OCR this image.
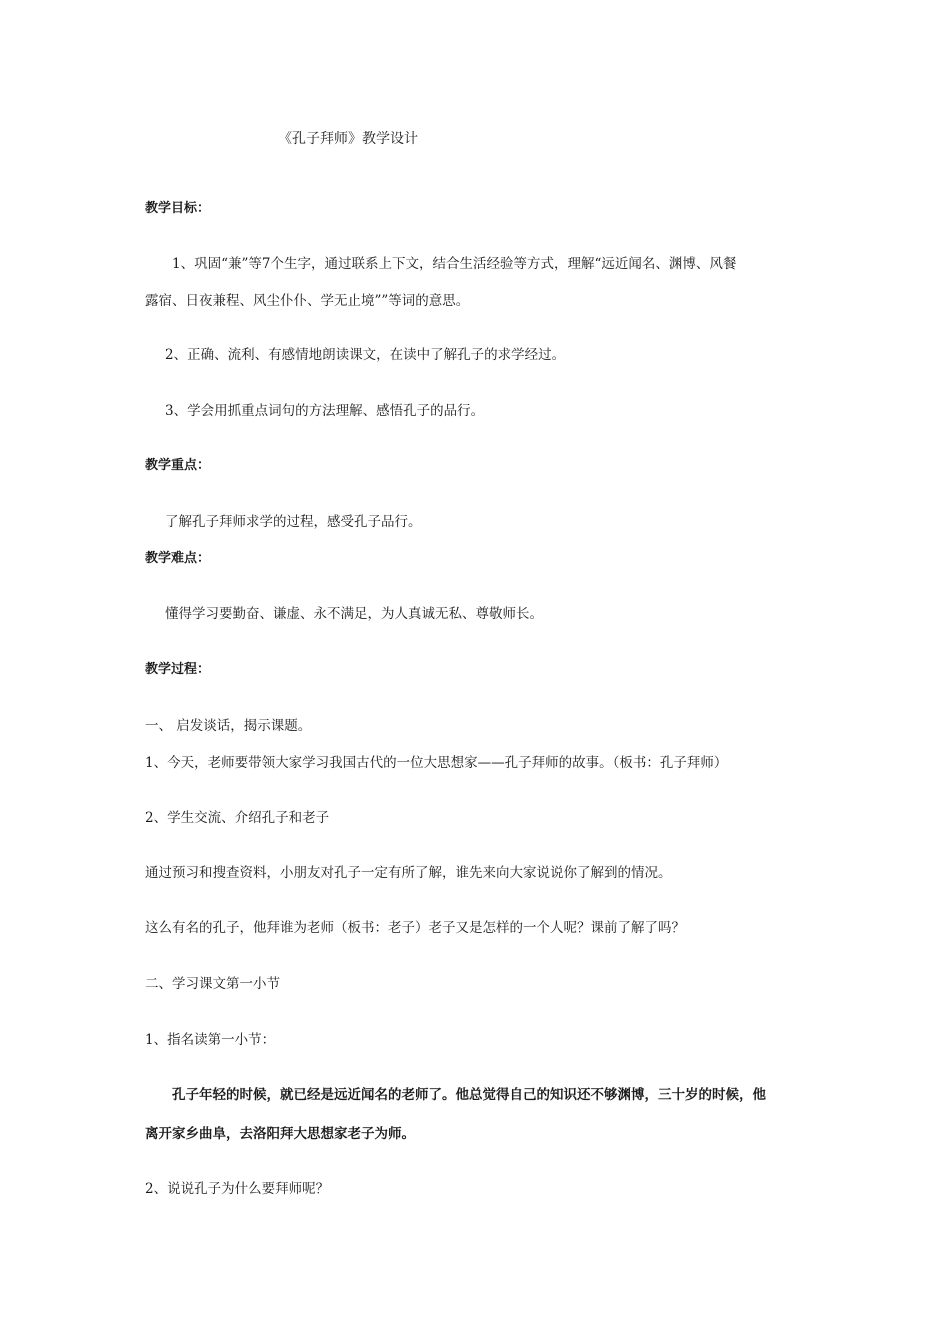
《孔子拜师》教学设计
教学目标：
1、巩固“兼”等7个生字，通过联系上下文，结合生活经验等方式，理解“远近闻名、渊博、风餐
露宿、日夜兼程、风尘仆仆、学无止境””等词的意思。
2、正确、流利、有感情地朗读课文，在读中了解孔子的求学经过。
3、学会用抓重点词句的方法理解、感悟孔子的品行。
教学重点：
了解孔子拜师求学的过程，感受孔子品行。
教学难点：
懂得学习要勤奋、谦虚、永不满足，为人真诚无私、尊敬师长。
教学过程：
一、 启发谈话，揭示课题。
1、今天，老师要带领大家学习我国古代的一位大思想家——孔子拜师的故事。（板书：孔子拜师）
2、学生交流、介绍孔子和老子
通过预习和搜查资料，小朋友对孔子一定有所了解，谁先来向大家说说你了解到的情况。
这么有名的孔子，他拜谁为老师（板书：老子）老子又是怎样的一个人呢？课前了解了吗？
二、学习课文第一小节
1、指名读第一小节：
孔子年轻的时候，就已经是远近闻名的老师了。他总觉得自己的知识还不够渊博，三十岁的时候，他
离开家乡曲阜，去洛阳拜大思想家老子为师。
2、说说孔子为什么要拜师呢？
